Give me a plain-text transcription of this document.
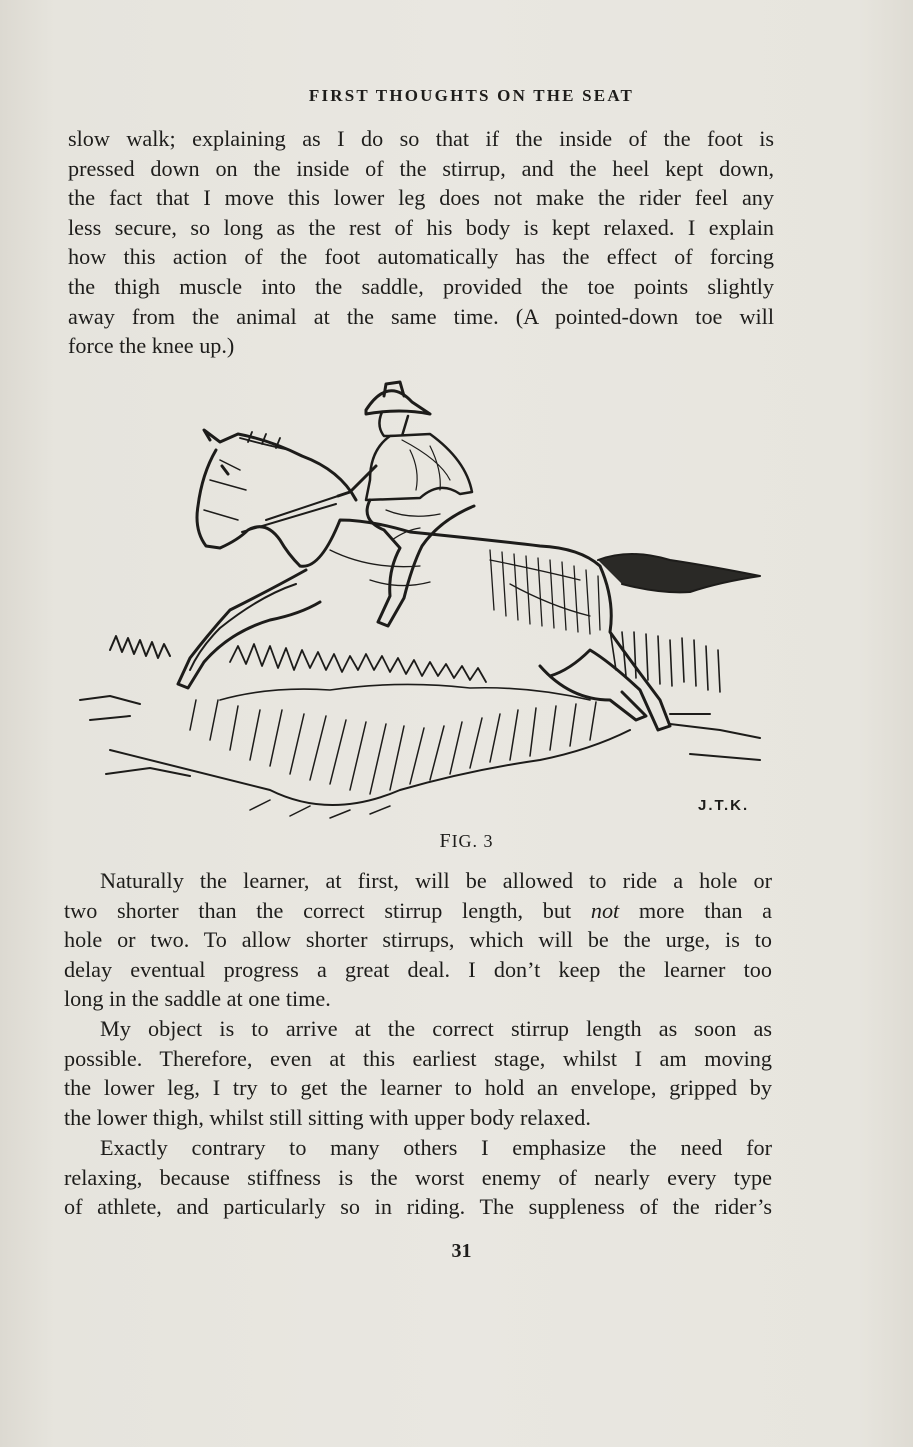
FIRST THOUGHTS ON THE SEAT
slow walk; explaining as I do so that if the inside of the foot is
pressed down on the inside of the stirrup, and the heel kept down,
the fact that I move this lower leg does not make the rider feel any
less secure, so long as the rest of his body is kept relaxed. I explain
how this action of the foot automatically has the effect of forcing
the thigh muscle into the saddle, provided the toe points slightly
away from the animal at the same time. (A pointed-down toe will
force the knee up.)
J.T.K.
FIG. 3
Naturally the learner, at first, will be allowed to ride a hole or
two shorter than the correct stirrup length, but not more than a
hole or two. To allow shorter stirrups, which will be the urge, is to
delay eventual progress a great deal. I don’t keep the learner too
long in the saddle at one time.
My object is to arrive at the correct stirrup length as soon as
possible. Therefore, even at this earliest stage, whilst I am moving
the lower leg, I try to get the learner to hold an envelope, gripped by
the lower thigh, whilst still sitting with upper body relaxed.
Exactly contrary to many others I emphasize the need for
relaxing, because stiffness is the worst enemy of nearly every type
of athlete, and particularly so in riding. The suppleness of the rider’s
31
